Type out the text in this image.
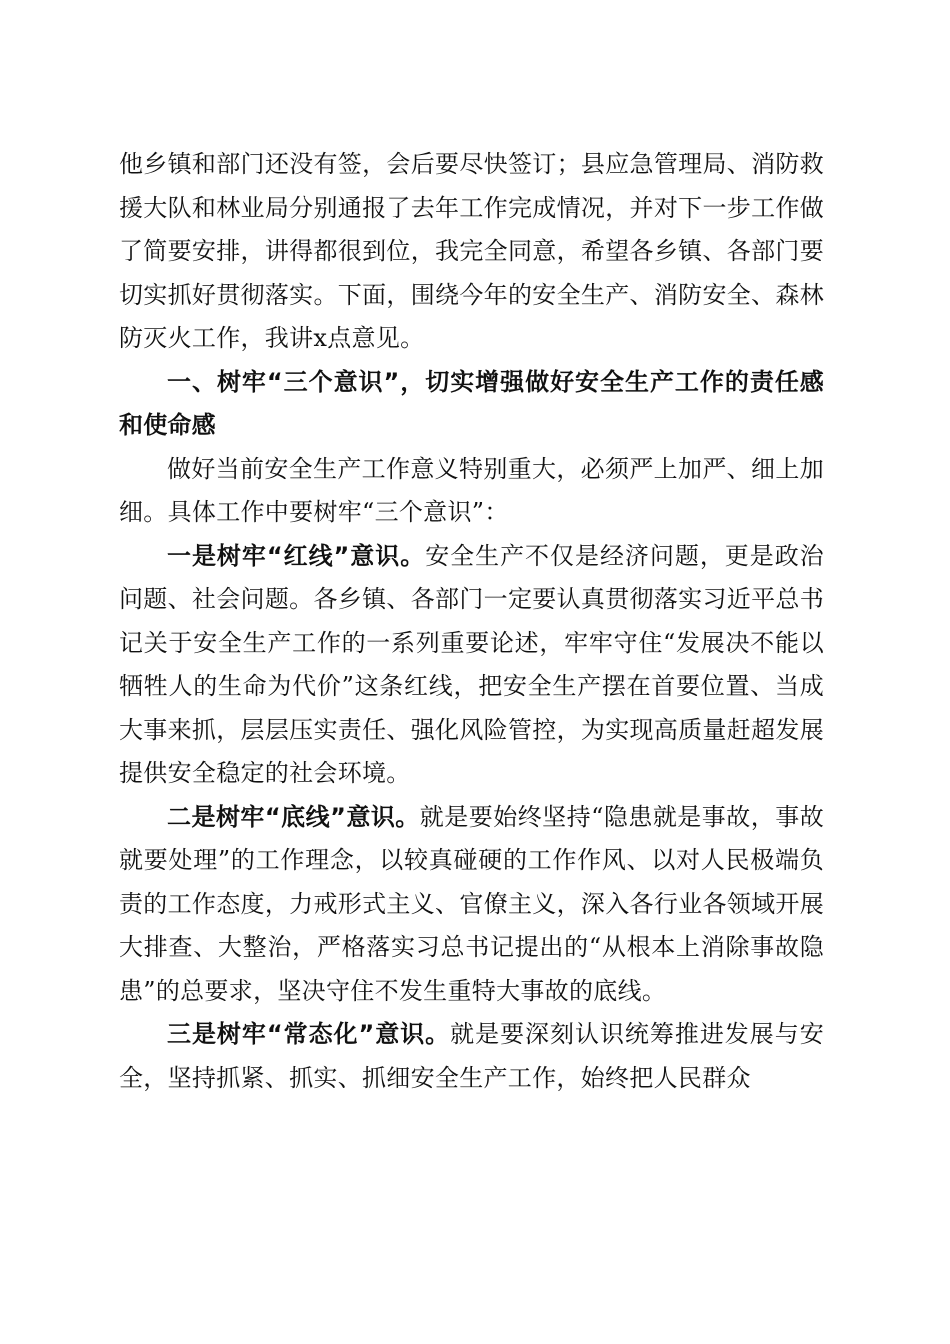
他乡镇和部门还没有签，会后要尽快签订；县应急管理局、消防救援大队和林业局分别通报了去年工作完成情况，并对下一步工作做了简要安排，讲得都很到位，我完全同意，希望各乡镇、各部门要切实抓好贯彻落实。下面，围绕今年的安全生产、消防安全、森林防灭火工作，我讲x点意见。

一、树牢“三个意识”，切实增强做好安全生产工作的责任感和使命感

做好当前安全生产工作意义特别重大，必须严上加严、细上加细。具体工作中要树牢“三个意识”：

一是树牢“红线”意识。安全生产不仅是经济问题，更是政治问题、社会问题。各乡镇、各部门一定要认真贯彻落实习近平总书记关于安全生产工作的一系列重要论述，牢牢守住“发展决不能以牺牲人的生命为代价”这条红线，把安全生产摆在首要位置、当成大事来抓，层层压实责任、强化风险管控，为实现高质量赶超发展提供安全稳定的社会环境。

二是树牢“底线”意识。就是要始终坚持“隐患就是事故，事故就要处理”的工作理念，以较真碰硬的工作作风、以对人民极端负责的工作态度，力戒形式主义、官僚主义，深入各行业各领域开展大排查、大整治，严格落实习总书记提出的“从根本上消除事故隐患”的总要求，坚决守住不发生重特大事故的底线。

三是树牢“常态化”意识。就是要深刻认识统筹推进发展与安全，坚持抓紧、抓实、抓细安全生产工作，始终把人民群众
